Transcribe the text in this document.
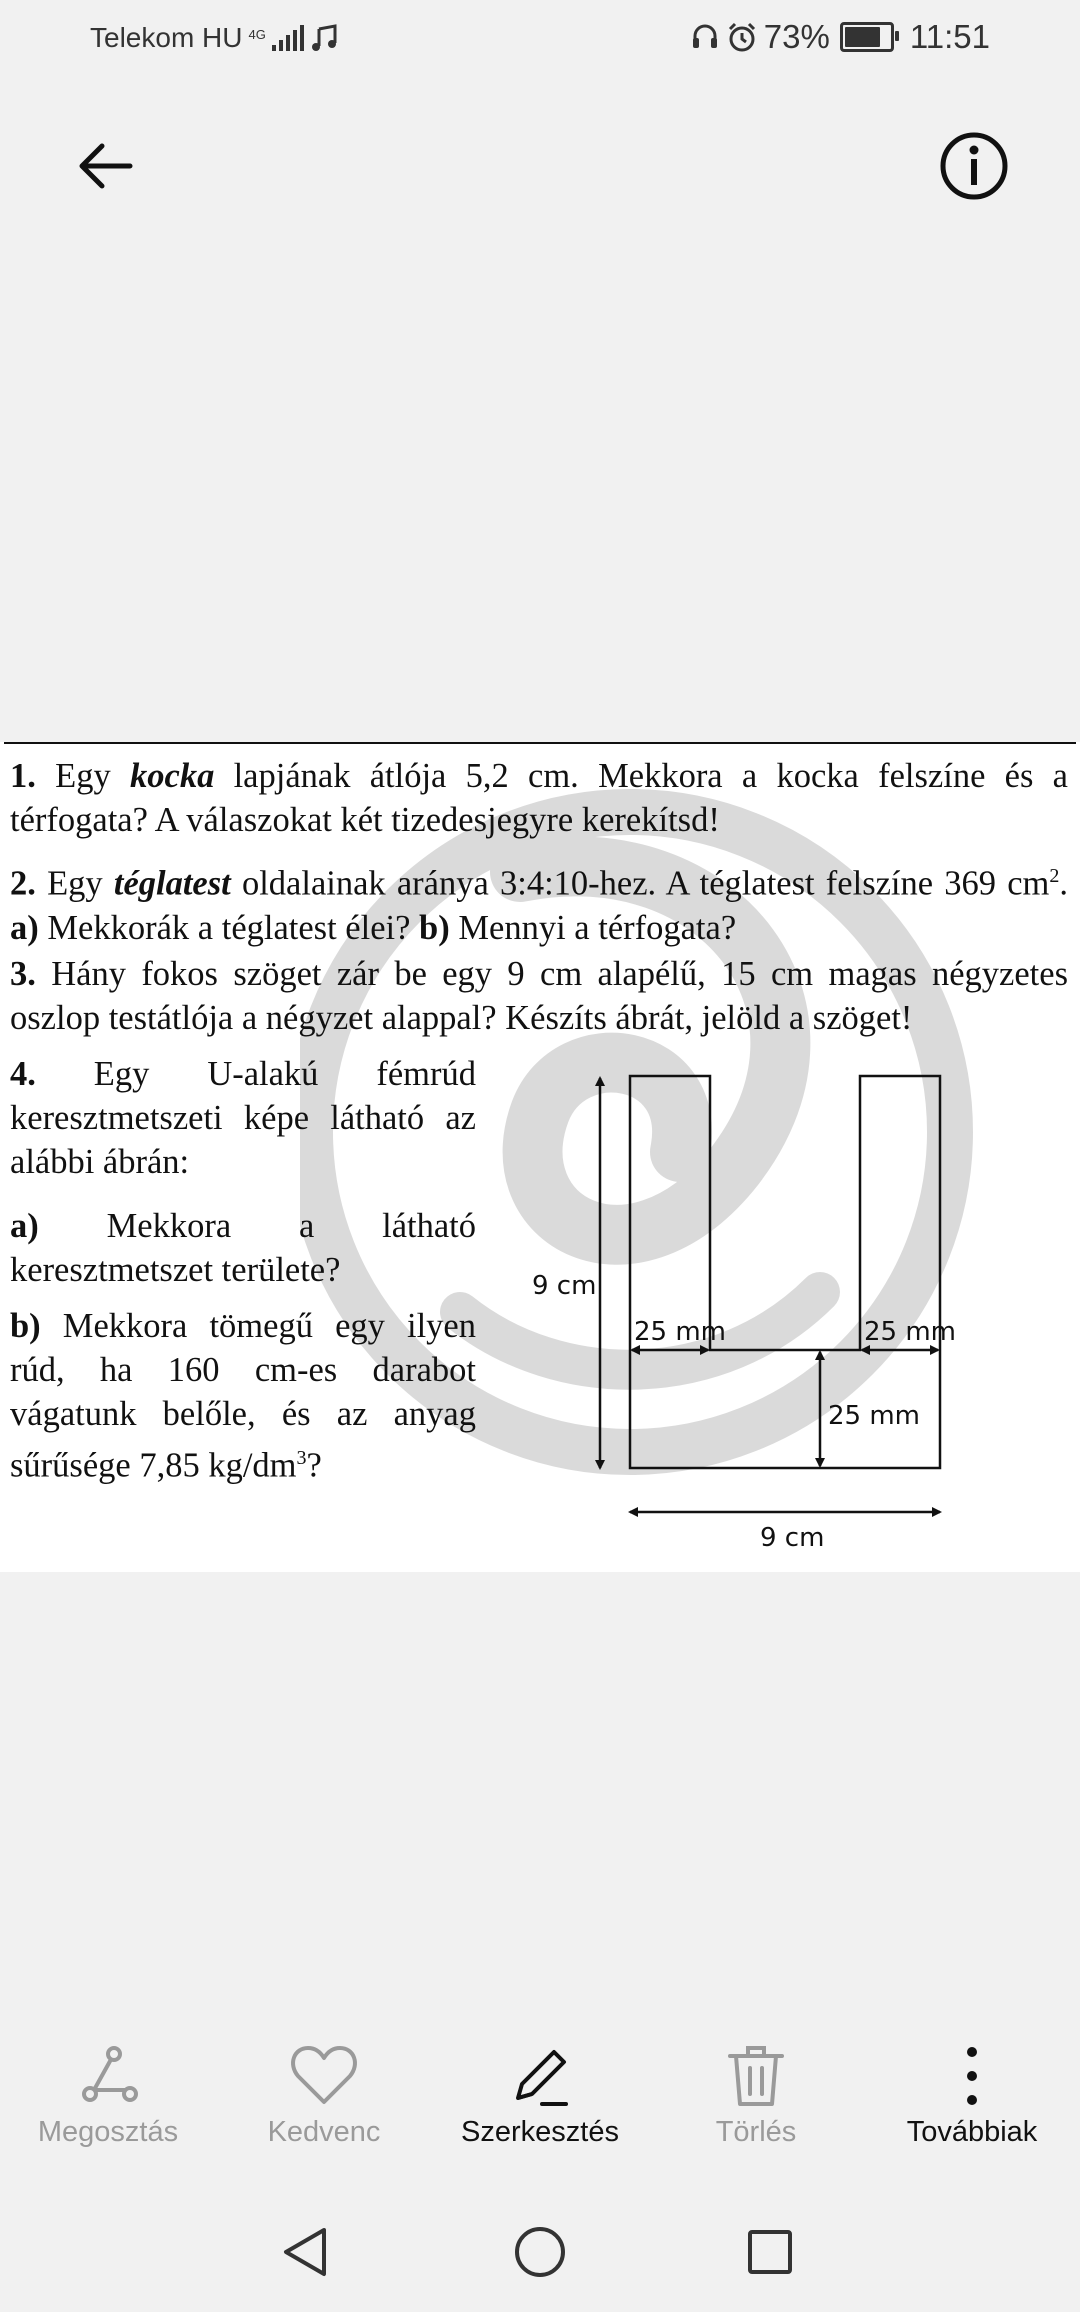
Telekom HU 4G	73% 11:51
1. Egy kocka lapjának átlója 5,2 cm. Mekkora a kocka felszíne és a térfogata? A válaszokat két tizedesjegyre kerekítsd!
2. Egy téglatest oldalainak aránya 3:4:10-hez. A téglatest felszíne 369 $cm^2$. a) Mekkorák a téglatest élei? b) Mennyi a térfogata?
3. Hány fokos szöget zár be egy 9 cm alapélű, 15 cm magas négyzetes oszlop testátlója a négyzet alappal? Készíts ábrát, jelöld a szöget!
4. Egy U-alakú fémrúd keresztmetszeti képe látható az alábbi ábrán:
a) Mekkora a látható keresztmetszet területe?
b) Mekkora tömegű egy ilyen rúd, ha 160 cm-es darabot vágatunk belőle, és az anyag sűrűsége 7,85 $kg/dm^3$?
9 cm
9 cm
25 mm	25 mm
25 mm
Megosztás	Kedvenc	Szerkesztés	Törlés	Továbbiak
